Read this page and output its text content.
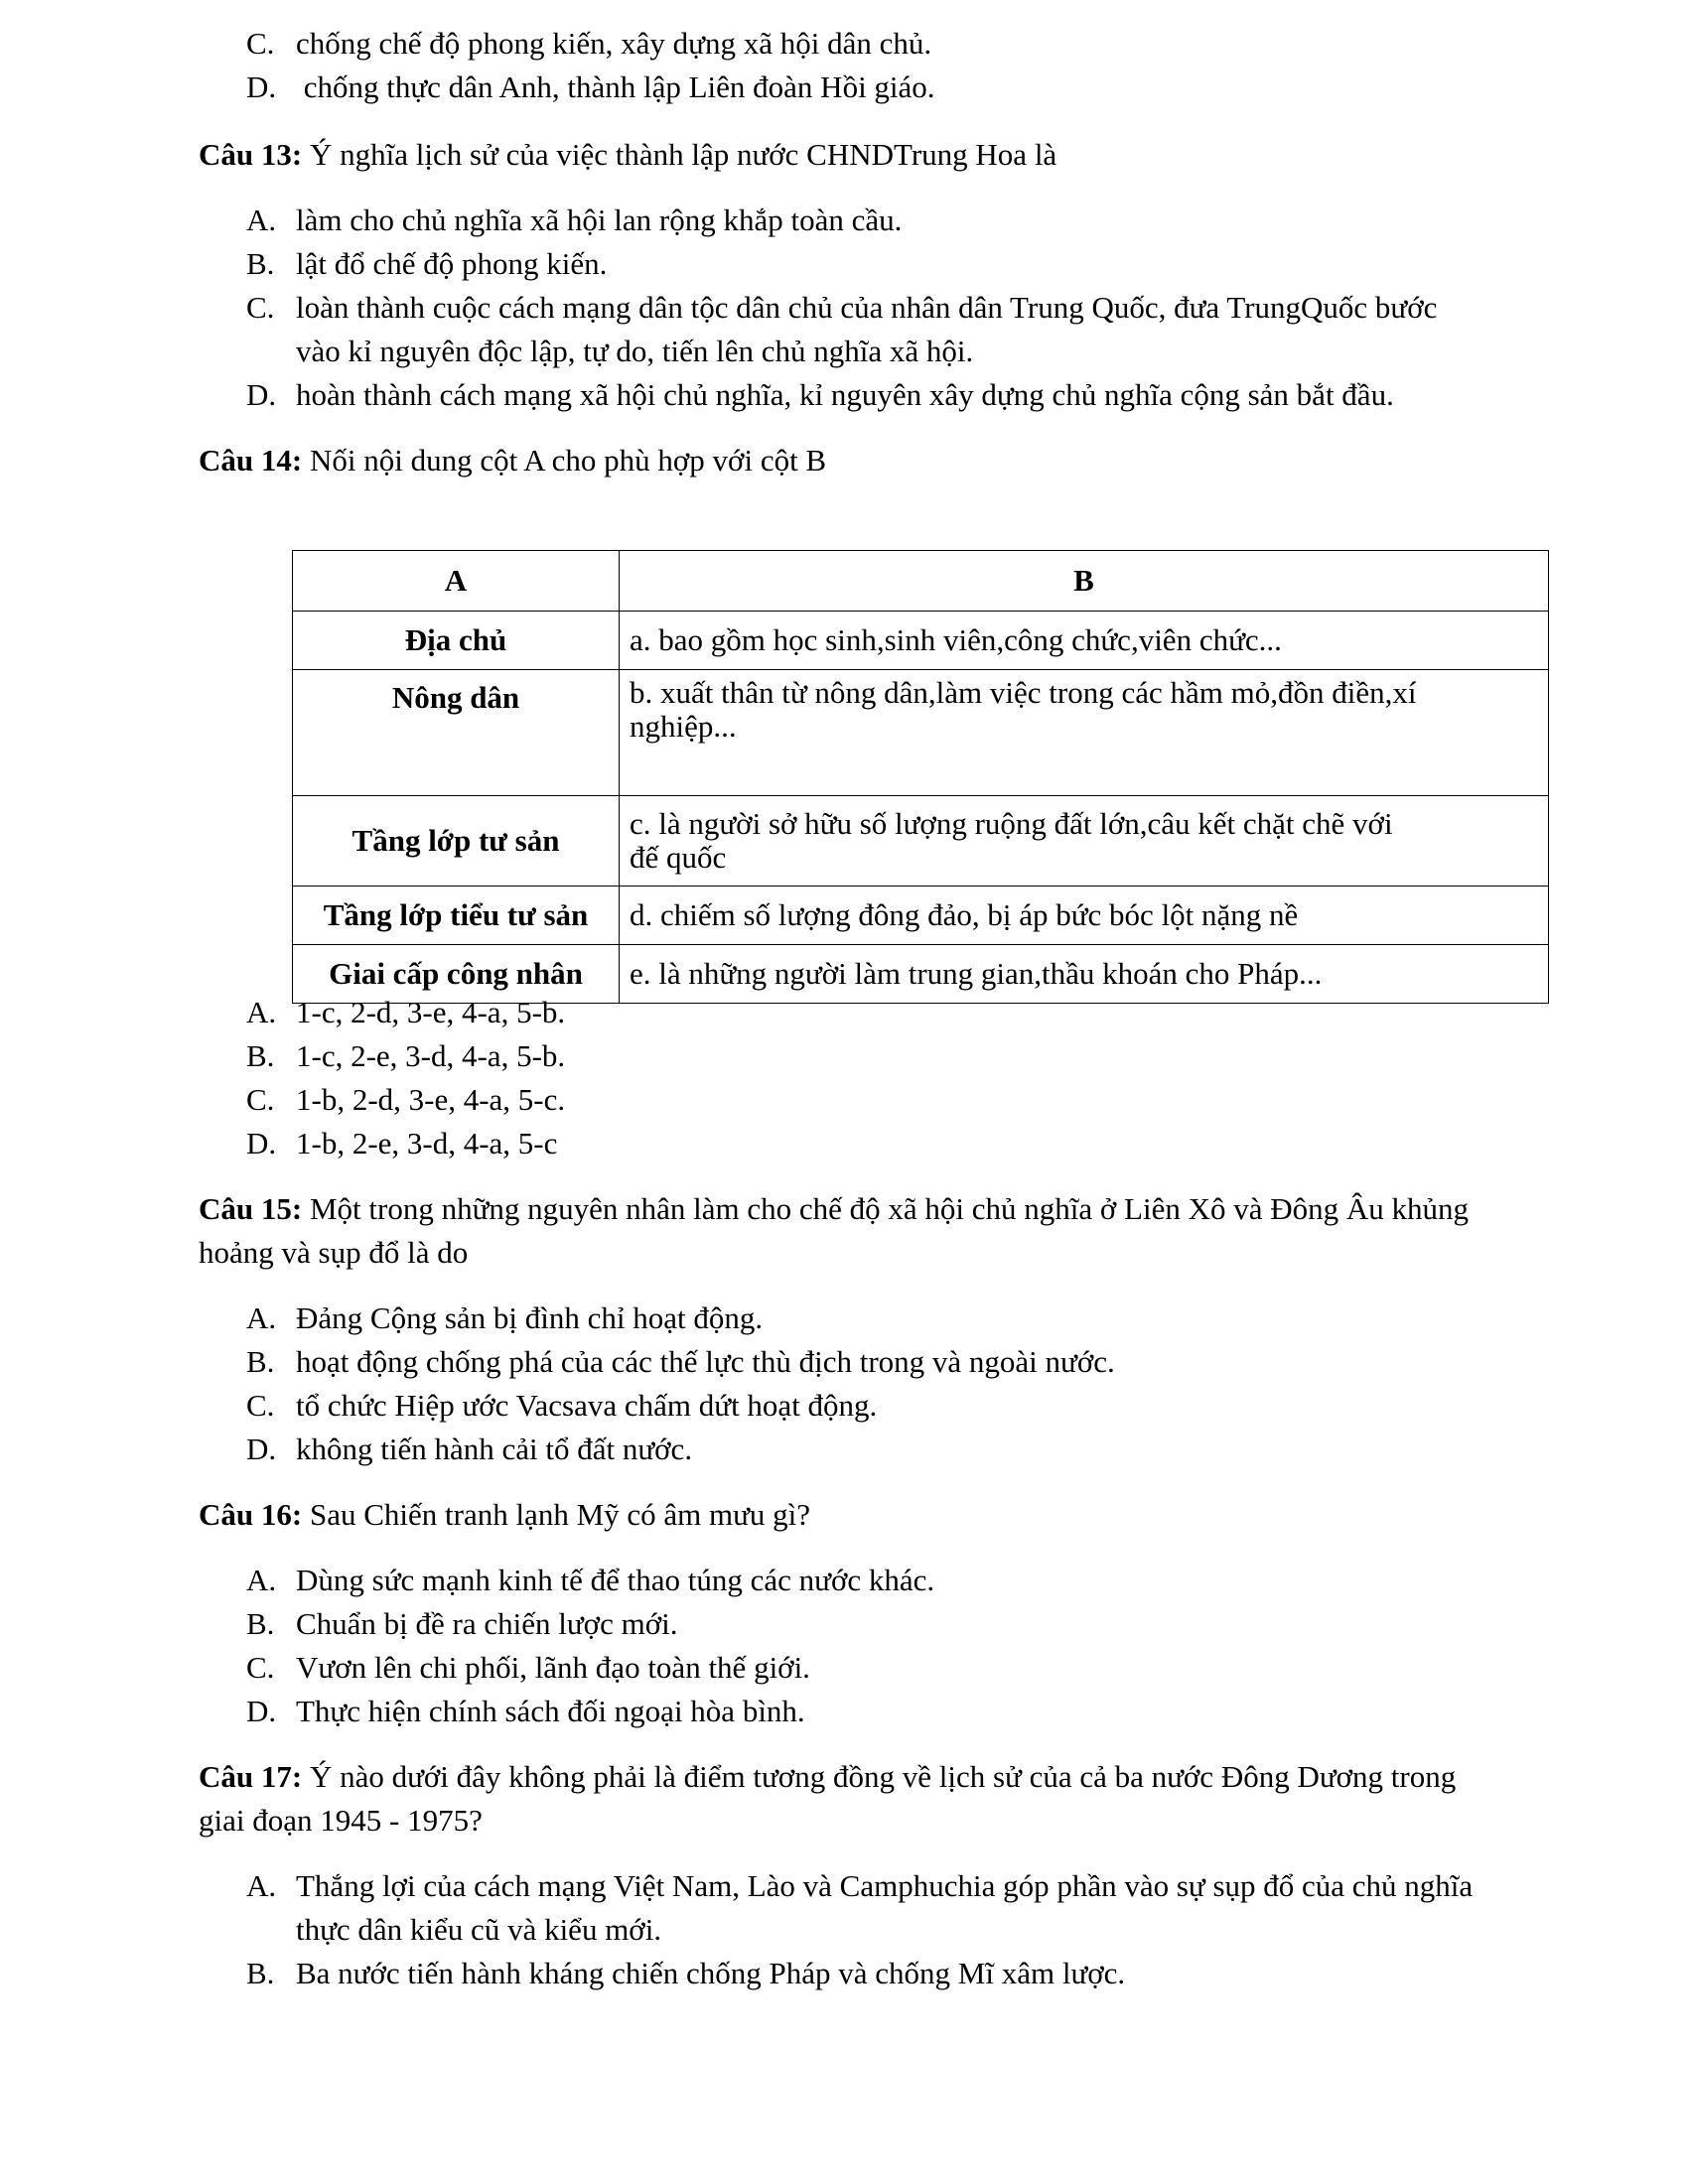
C. chống chế độ phong kiến, xây dựng xã hội dân chủ.
D. chống thực dân Anh, thành lập Liên đoàn Hồi giáo.
Câu 13: Ý nghĩa lịch sử của việc thành lập nước CHNDTrung Hoa là
A. làm cho chủ nghĩa xã hội lan rộng khắp toàn cầu.
B. lật đổ chế độ phong kiến.
C. loàn thành cuộc cách mạng dân tộc dân chủ của nhân dân Trung Quốc, đưa TrungQuốc bước
vào kỉ nguyên độc lập, tự do, tiến lên chủ nghĩa xã hội.
D. hoàn thành cách mạng xã hội chủ nghĩa, kỉ nguyên xây dựng chủ nghĩa cộng sản bắt đầu.
Câu 14: Nối nội dung cột A cho phù hợp với cột B
A	B
Địa chủ	a. bao gồm học sinh,sinh viên,công chức,viên chức...
Nông dân	b. xuất thân từ nông dân,làm việc trong các hầm mỏ,đồn điền,xí
nghiệp...

Tầng lớp tư sản	c. là người sở hữu số lượng ruộng đất lớn,câu kết chặt chẽ với
đế quốc

Tầng lớp tiểu tư sản	d. chiếm số lượng đông đảo, bị áp bức bóc lột nặng nề
Giai cấp công nhân	e. là những người làm trung gian,thầu khoán cho Pháp...
A. 1-c, 2-d, 3-e, 4-a, 5-b.
B. 1-c, 2-e, 3-d, 4-a, 5-b.
C. 1-b, 2-d, 3-e, 4-a, 5-c.
D. 1-b, 2-e, 3-d, 4-a, 5-c
Câu 15: Một trong những nguyên nhân làm cho chế độ xã hội chủ nghĩa ở Liên Xô và Đông Âu khủng
hoảng và sụp đổ là do
A. Đảng Cộng sản bị đình chỉ hoạt động.
B. hoạt động chống phá của các thế lực thù địch trong và ngoài nước.
C. tổ chức Hiệp ước Vacsava chấm dứt hoạt động.
D. không tiến hành cải tổ đất nước.
Câu 16: Sau Chiến tranh lạnh Mỹ có âm mưu gì?
A. Dùng sức mạnh kinh tế để thao túng các nước khác.
B. Chuẩn bị đề ra chiến lược mới.
C. Vươn lên chi phối, lãnh đạo toàn thế giới.
D. Thực hiện chính sách đối ngoại hòa bình.
Câu 17: Ý nào dưới đây không phải là điểm tương đồng về lịch sử của cả ba nước Đông Dương trong
giai đoạn 1945 - 1975?
A. Thắng lợi của cách mạng Việt Nam, Lào và Camphuchia góp phần vào sự sụp đổ của chủ nghĩa
thực dân kiểu cũ và kiểu mới.
B. Ba nước tiến hành kháng chiến chống Pháp và chống Mĩ xâm lược.
